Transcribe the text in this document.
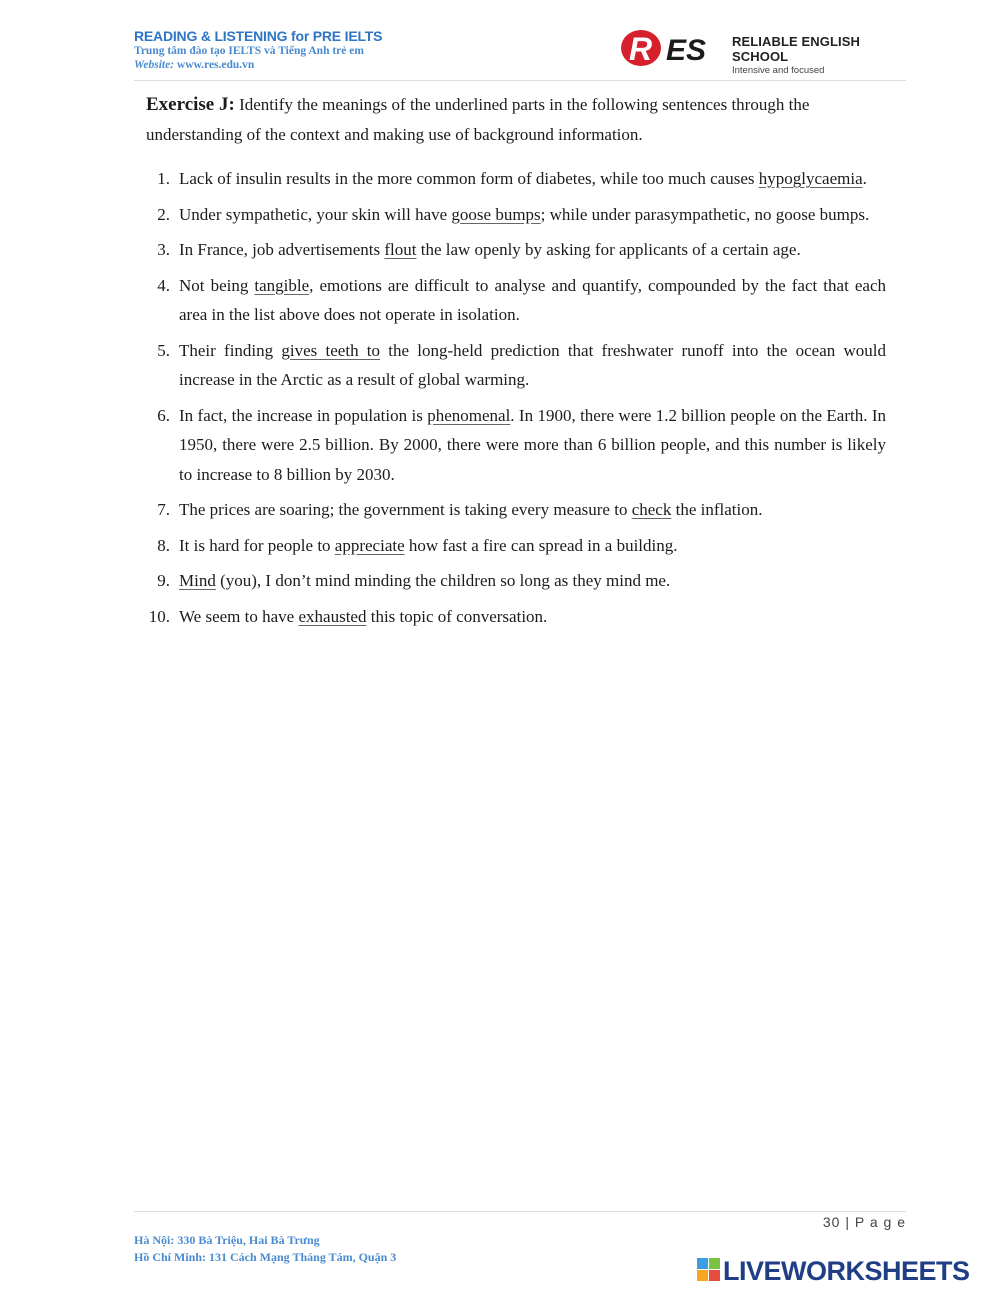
READING & LISTENING for PRE IELTS
Trung tâm đào tạo IELTS và Tiếng Anh trẻ em
Website: www.res.edu.vn	R ES RELIABLE ENGLISH SCHOOL
Intensive and focused

Exercise J: Identify the meanings of the underlined parts in the following sentences through the understanding of the context and making use of background information.

1. Lack of insulin results in the more common form of diabetes, while too much causes hypoglycaemia.
2. Under sympathetic, your skin will have goose bumps; while under parasympathetic, no goose bumps.
3. In France, job advertisements flout the law openly by asking for applicants of a certain age.
4. Not being tangible, emotions are difficult to analyse and quantify, compounded by the fact that each area in the list above does not operate in isolation.
5. Their finding gives teeth to the long-held prediction that freshwater runoff into the ocean would increase in the Arctic as a result of global warming.
6. In fact, the increase in population is phenomenal. In 1900, there were 1.2 billion people on the Earth. In 1950, there were 2.5 billion. By 2000, there were more than 6 billion people, and this number is likely to increase to 8 billion by 2030.
7. The prices are soaring; the government is taking every measure to check the inflation.
8. It is hard for people to appreciate how fast a fire can spread in a building.
9. Mind (you), I don’t mind minding the children so long as they mind me.
10. We seem to have exhausted this topic of conversation.
30 | P a g e
Hà Nội: 330 Bà Triệu, Hai Bà Trưng
Hồ Chí Minh: 131 Cách Mạng Tháng Tám, Quận 3	LIVEWORKSHEETS
